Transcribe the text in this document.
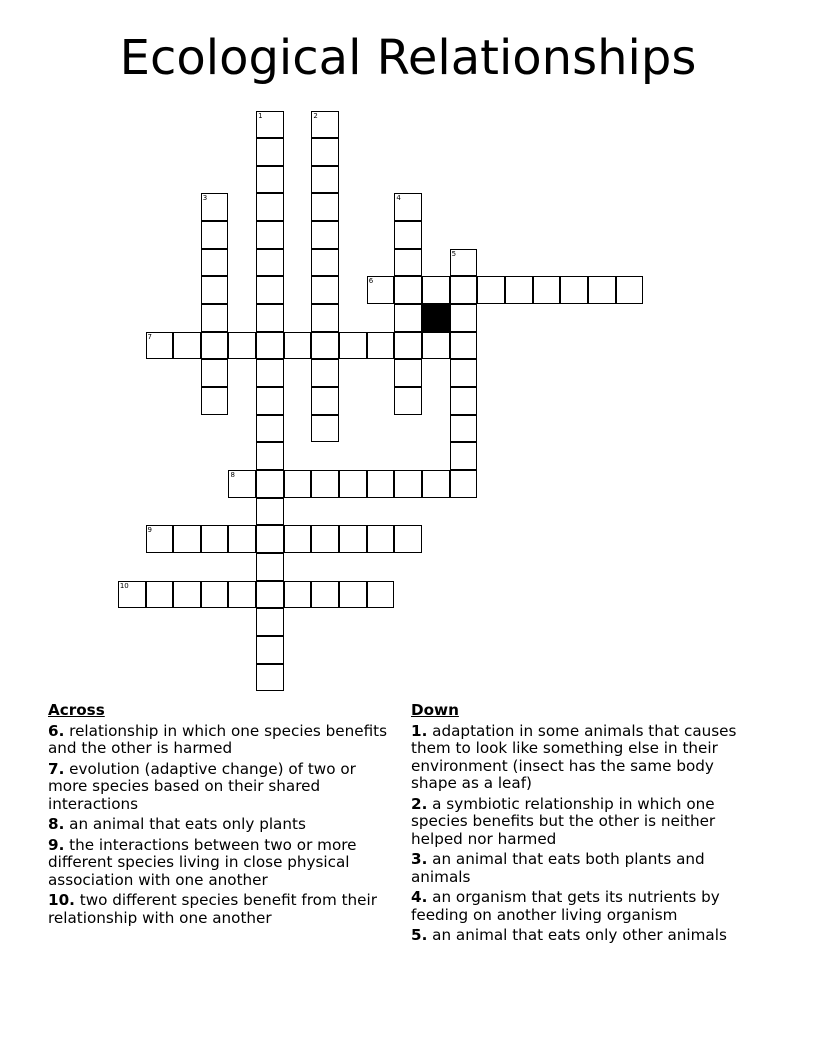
Ecological Relationships
1	2
3	4
5
6
7
8
9
10
Across
6. relationship in which one species benefits and the other is harmed
7. evolution (adaptive change) of two or more species based on their shared interactions
8. an animal that eats only plants
9. the interactions between two or more different species living in close physical association with one another
10. two different species benefit from their relationship with one another
Down
1. adaptation in some animals that causes them to look like something else in their environment (insect has the same body shape as a leaf)
2. a symbiotic relationship in which one species benefits but the other is neither helped nor harmed
3. an animal that eats both plants and animals
4. an organism that gets its nutrients by feeding on another living organism
5. an animal that eats only other animals
